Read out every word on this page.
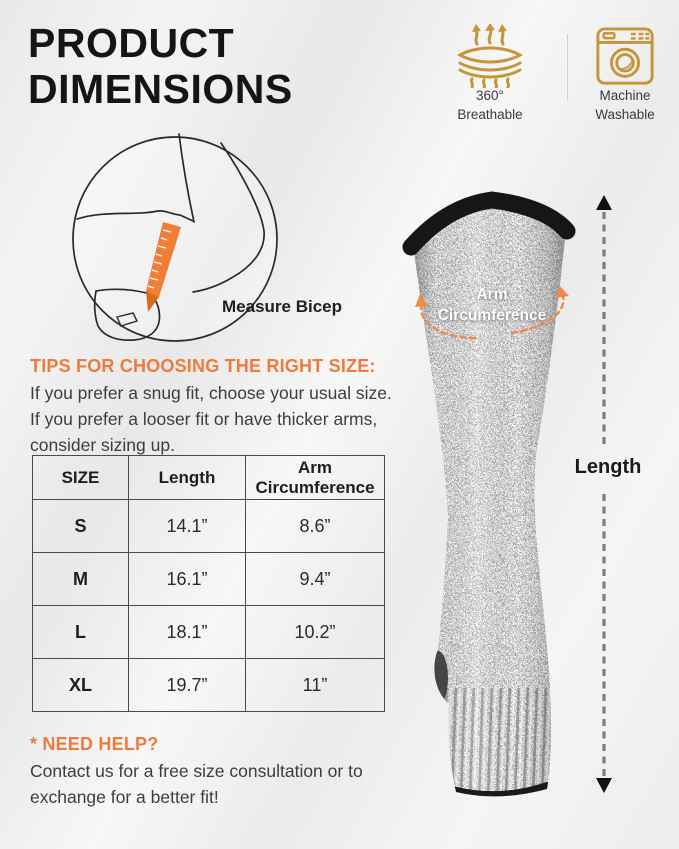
PRODUCT
DIMENSIONS	360°
Breathable
Machine
Washable
Measure Bicep
TIPS FOR CHOOSING THE RIGHT SIZE:
If you prefer a snug fit, choose your usual size.
If you prefer a looser fit or have thicker arms,
consider sizing up.
SIZE	Length	Arm Circumference
S	14.1”	8.6”
M	16.1”	9.4”
L	18.1”	10.2”
XL	19.7”	11”
* NEED HELP?
Contact us for a free size consultation or to
exchange for a better fit!
Arm
Circumference
Length
